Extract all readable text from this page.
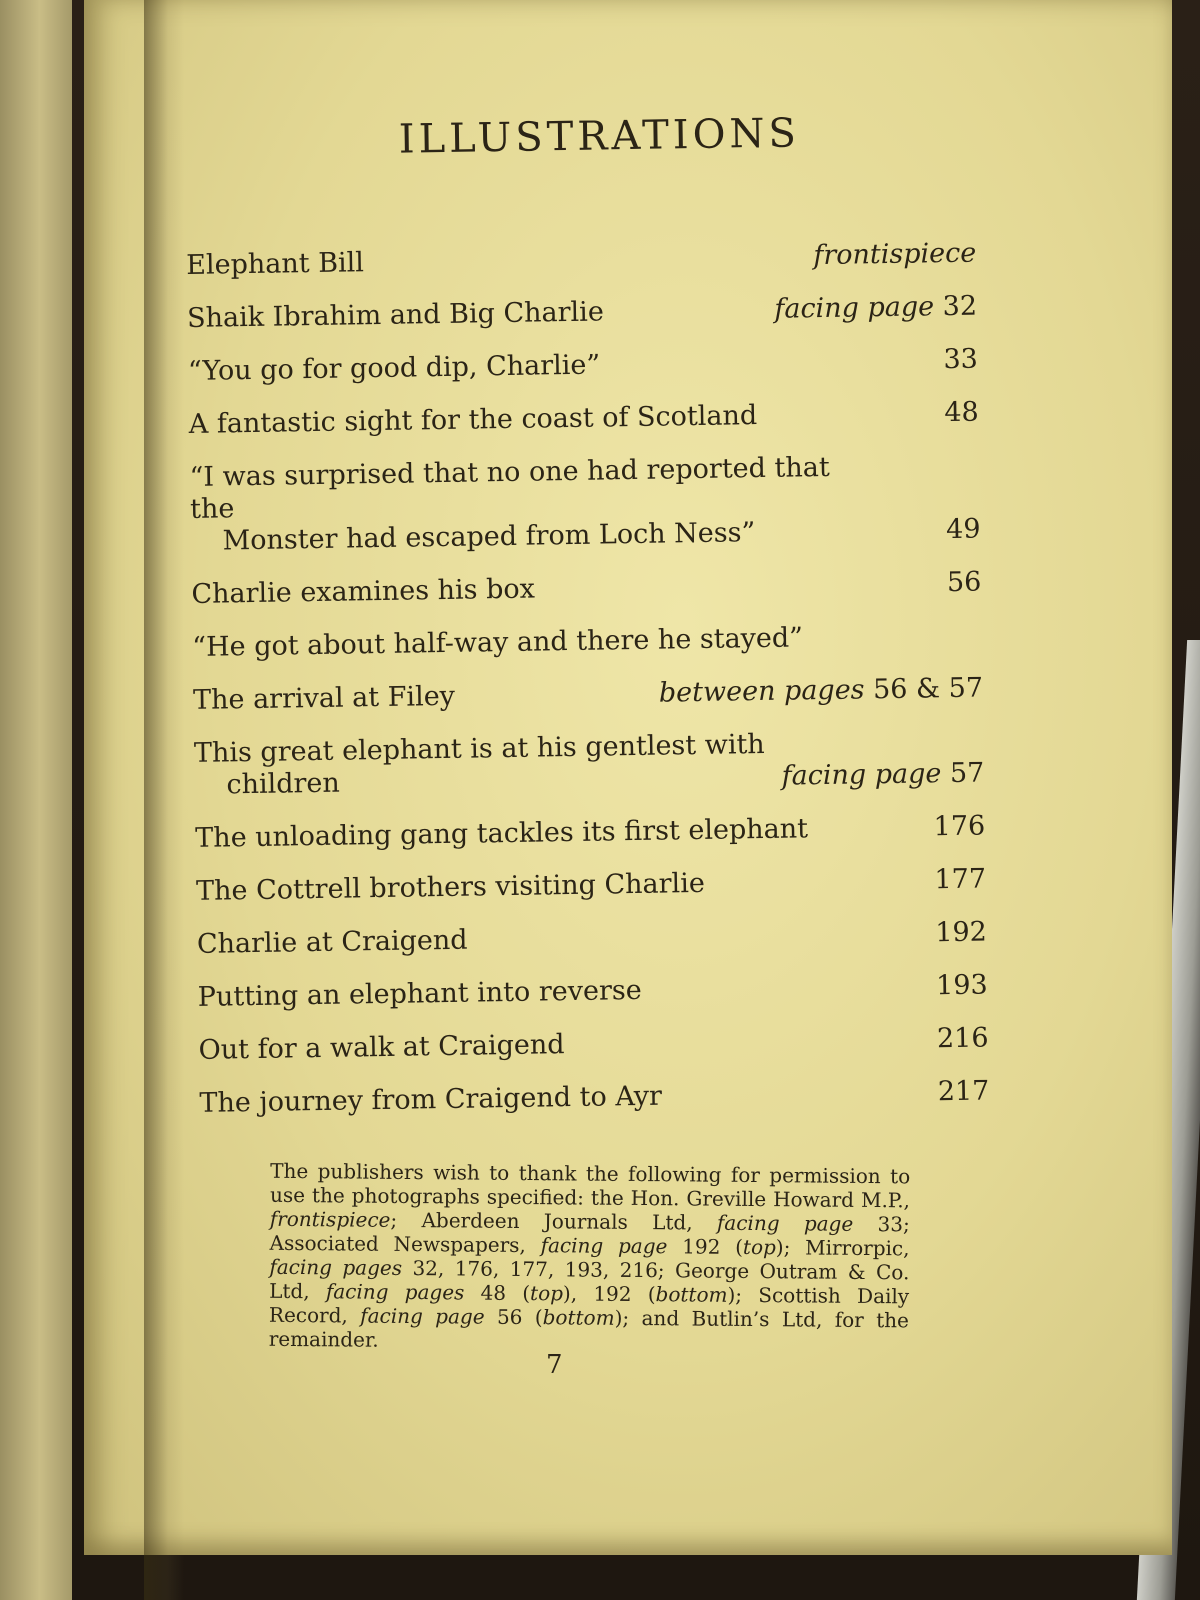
ILLUSTRATIONS
Elephant Bill	frontispiece
Shaik Ibrahim and Big Charlie	facing page 32
“You go for good dip, Charlie”	33
A fantastic sight for the coast of Scotland	48
“I was surprised that no one had reported that the
Monster had escaped from Loch Ness”	49
Charlie examines his box	56
“He got about half-way and there he stayed”
The arrival at Filey	between pages 56 & 57
This great elephant is at his gentlest with
children	facing page 57
The unloading gang tackles its first elephant	176
The Cottrell brothers visiting Charlie	177
Charlie at Craigend	192
Putting an elephant into reverse	193
Out for a walk at Craigend	216
The journey from Craigend to Ayr	217

The publishers wish to thank the following for permission to use the photographs specified: the Hon. Greville Howard M.P., frontispiece; Aberdeen Journals Ltd, facing page 33; Associated Newspapers, facing page 192 (top); Mirrorpic, facing pages 32, 176, 177, 193, 216; George Outram & Co. Ltd, facing pages 48 (top), 192 (bottom); Scottish Daily Record, facing page 56 (bottom); and Butlin’s Ltd, for the remainder.

7
